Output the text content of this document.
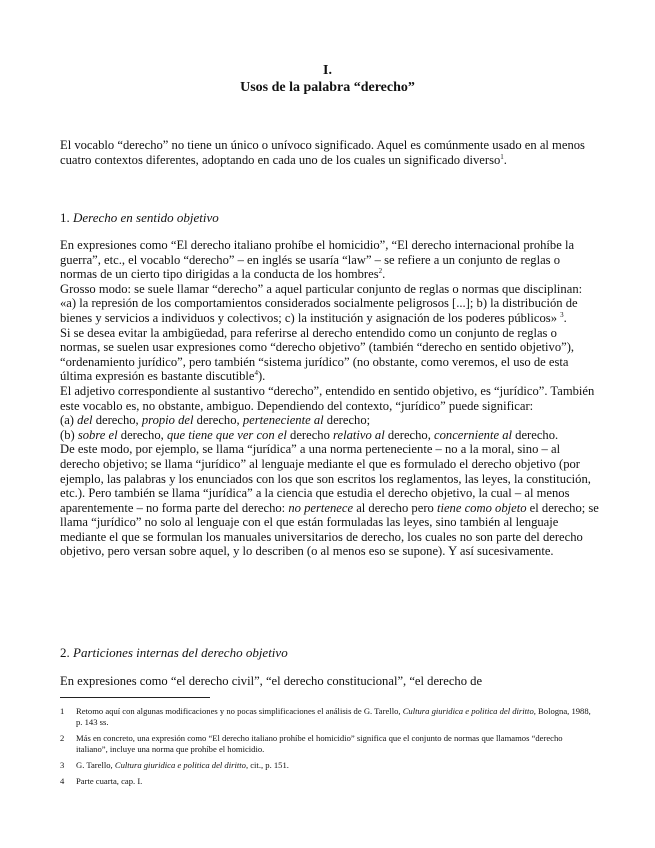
I.
Usos de la palabra “derecho”

El vocablo “derecho” no tiene un único o unívoco significado. Aquel es comúnmente usado en al menos cuatro contextos diferentes, adoptando en cada uno de los cuales un significado diverso$^1$.

1. Derecho en sentido objetivo

En expresiones como “El derecho italiano prohíbe el homicidio”, “El derecho internacional prohíbe la guerra”, etc., el vocablo “derecho” – en inglés se usaría “law” – se refiere a un conjunto de reglas o normas de un cierto tipo dirigidas a la conducta de los hombres$^2$.

Grosso modo: se suele llamar “derecho” a aquel particular conjunto de reglas o normas que disciplinan: «a) la represión de los comportamientos considerados socialmente peligrosos [...]; b) la distribución de bienes y servicios a individuos y colectivos; c) la institución y asignación de los poderes públicos» $^3$.

Si se desea evitar la ambigüedad, para referirse al derecho entendido como un conjunto de reglas o normas, se suelen usar expresiones como “derecho objetivo” (también “derecho en sentido objetivo”), “ordenamiento jurídico”, pero también “sistema jurídico” (no obstante, como veremos, el uso de esta última expresión es bastante discutible$^4$).

El adjetivo correspondiente al sustantivo “derecho”, entendido en sentido objetivo, es “jurídico”. También este vocablo es, no obstante, ambiguo. Dependiendo del contexto, “jurídico” puede significar:

(a) del derecho, propio del derecho, perteneciente al derecho;

(b) sobre el derecho, que tiene que ver con el derecho relativo al derecho, concerniente al derecho.

De este modo, por ejemplo, se llama “jurídica” a una norma perteneciente – no a la moral, sino – al derecho objetivo; se llama “jurídico” al lenguaje mediante el que es formulado el derecho objetivo (por ejemplo, las palabras y los enunciados con los que son escritos los reglamentos, las leyes, la constitución, etc.). Pero también se llama “jurídica” a la ciencia que estudia el derecho objetivo, la cual – al menos aparentemente – no forma parte del derecho: no pertenece al derecho pero tiene como objeto el derecho; se llama “jurídico” no solo al lenguaje con el que están formuladas las leyes, sino también al lenguaje mediante el que se formulan los manuales universitarios de derecho, los cuales no son parte del derecho objetivo, pero versan sobre aquel, y lo describen (o al menos eso se supone). Y así sucesivamente.

2. Particiones internas del derecho objetivo

En expresiones como “el derecho civil”, “el derecho constitucional”, “el derecho de

1 Retomo aquí con algunas modificaciones y no pocas simplificaciones el análisis de G. Tarello, Cultura giuridica e politica del diritto, Bologna, 1988, p. 143 ss.
2 Más en concreto, una expresión como “El derecho italiano prohíbe el homicidio” significa que el conjunto de normas que llamamos “derecho italiano”, incluye una norma que prohíbe el homicidio.
3 G. Tarello, Cultura giuridica e politica del diritto, cit., p. 151.
4 Parte cuarta, cap. I.
